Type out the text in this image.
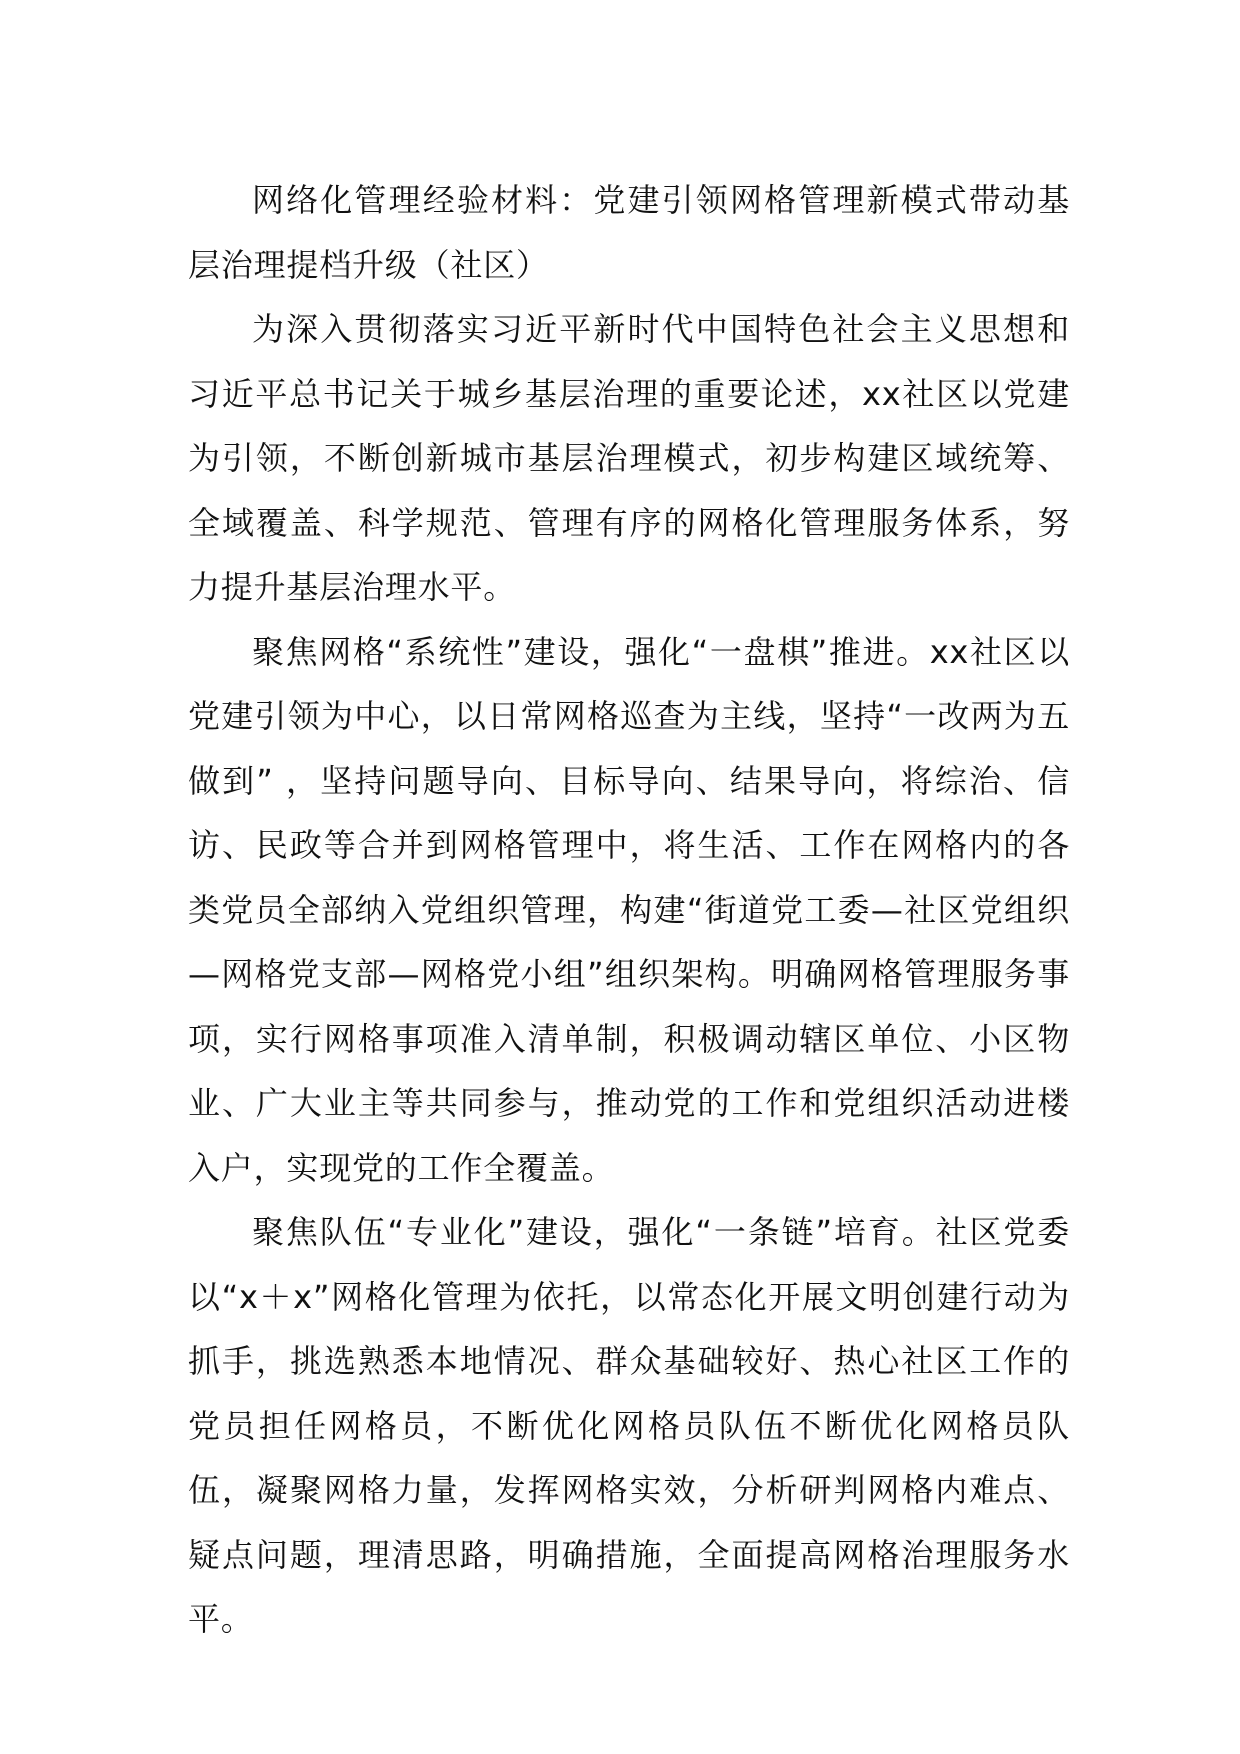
网络化管理经验材料：党建引领网格管理新模式带动基层治理提档升级（社区）

为深入贯彻落实习近平新时代中国特色社会主义思想和习近平总书记关于城乡基层治理的重要论述，xx社区以党建为引领，不断创新城市基层治理模式，初步构建区域统筹、全域覆盖、科学规范、管理有序的网格化管理服务体系，努力提升基层治理水平。

聚焦网格“系统性”建设，强化“一盘棋”推进。xx社区以党建引领为中心，以日常网格巡查为主线，坚持“一改两为五做到” ，坚持问题导向、目标导向、结果导向，将综治、信访、民政等合并到网格管理中，将生活、工作在网格内的各类党员全部纳入党组织管理，构建“街道党工委—社区党组织—网格党支部—网格党小组”组织架构。明确网格管理服务事项，实行网格事项准入清单制，积极调动辖区单位、小区物业、广大业主等共同参与，推动党的工作和党组织活动进楼入户，实现党的工作全覆盖。

聚焦队伍“专业化”建设，强化“一条链”培育。社区党委以“x＋x”网格化管理为依托，以常态化开展文明创建行动为抓手，挑选熟悉本地情况、群众基础较好、热心社区工作的党员担任网格员，不断优化网格员队伍不断优化网格员队伍，凝聚网格力量，发挥网格实效，分析研判网格内难点、疑点问题，理清思路，明确措施，全面提高网格治理服务水平。
